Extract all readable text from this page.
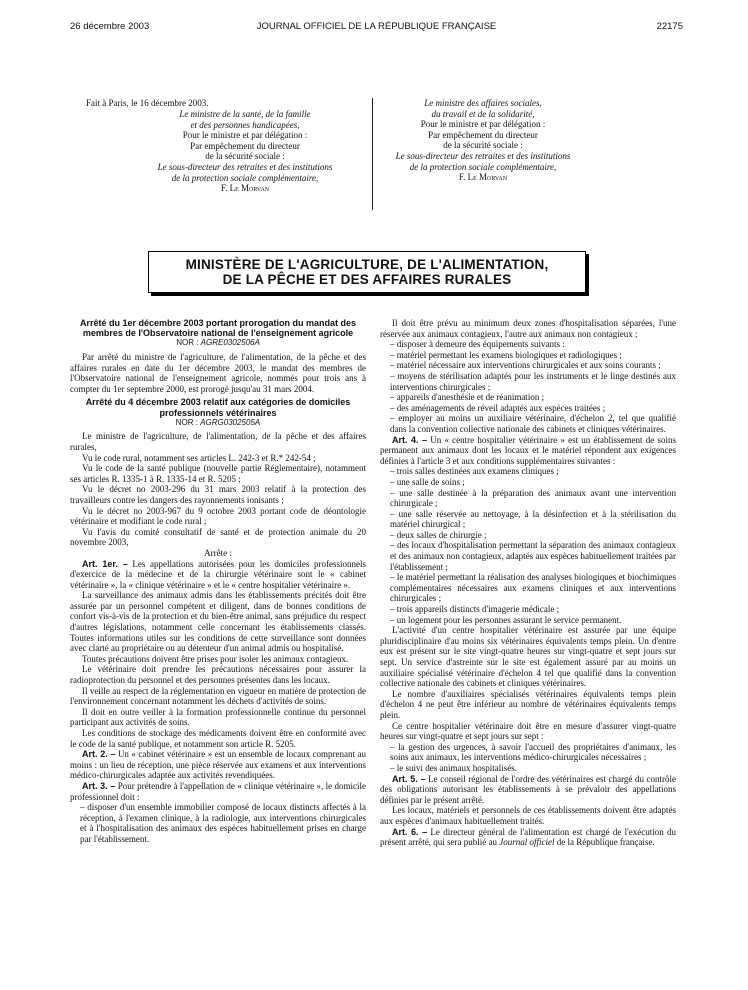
JOURNAL OFFICIEL DE LA RÉPUBLIQUE FRANÇAISE
26 décembre 2003	22175
Fait à Paris, le 16 décembre 2003.
Le ministre de la santé, de la famille
et des personnes handicapées,
Pour le ministre et par délégation :
Par empêchement du directeur
de la sécurité sociale :
Le sous-directeur des retraites et des institutions
de la protection sociale complémentaire,
F. Le Morvan
Le ministre des affaires sociales,
du travail et de la solidarité,
Pour le ministre et par délégation :
Par empêchement du directeur
de la sécurité sociale :
Le sous-directeur des retraites et des institutions
de la protection sociale complémentaire,
F. Le Morvan
MINISTÈRE DE L'AGRICULTURE, DE L'ALIMENTATION,
DE LA PÊCHE ET DES AFFAIRES RURALES
Arrêté du 1er décembre 2003 portant prorogation du mandat des membres de l'Observatoire national de l'enseignement agricole
NOR : AGRE0302506A

Par arrêté du ministre de l'agriculture, de l'alimentation, de la pêche et des affaires rurales en date du 1er décembre 2003, le mandat des membres de l'Observatoire national de l'enseignement agricole, nommés pour trois ans à compter du 1er septembre 2000, est prorogé jusqu'au 31 mars 2004.

Arrêté du 4 décembre 2003 relatif aux catégories de domiciles professionnels vétérinaires
NOR : AGRG0302505A

Le ministre de l'agriculture, de l'alimentation, de la pêche et des affaires rurales,

Vu le code rural, notamment ses articles L. 242-3 et R.* 242-54 ;

Vu le code de la santé publique (nouvelle partie Réglementaire), notamment ses articles R. 1335-1 à R. 1335-14 et R. 5205 ;

Vu le décret no 2003-296 du 31 mars 2003 relatif à la protection des travailleurs contre les dangers des rayonnements ionisants ;

Vu le décret no 2003-967 du 9 octobre 2003 portant code de déontologie vétérinaire et modifiant le code rural ;

Vu l'avis du comité consultatif de santé et de protection animale du 20 novembre 2003,

Arrête :

Art. 1er. – Les appellations autorisées pour les domiciles professionnels d'exercice de la médecine et de la chirurgie vétérinaire sont le « cabinet vétérinaire », la « clinique vétérinaire » et le « centre hospitalier vétérinaire ».

La surveillance des animaux admis dans les établissements précités doit être assurée par un personnel compétent et diligent, dans de bonnes conditions de confort vis-à-vis de la protection et du bien-être animal, sans préjudice du respect d'autres législations, notamment celle concernant les établissements classés. Toutes informations utiles sur les conditions de cette surveillance sont données avec clarté au propriétaire ou au détenteur d'un animal admis ou hospitalisé.

Toutes précautions doivent être prises pour isoler les animaux contagieux.

Le vétérinaire doit prendre les précautions nécessaires pour assurer la radioprotection du personnel et des personnes présentes dans les locaux.

Il veille au respect de la réglementation en vigueur en matière de protection de l'environnement concernant notamment les déchets d'activités de soins.

Il doit en outre veiller à la formation professionnelle continue du personnel participant aux activités de soins.

Les conditions de stockage des médicaments doivent être en conformité avec le code de la santé publique, et notamment son article R. 5205.

Art. 2. – Un « cabinet vétérinaire » est un ensemble de locaux comprenant au moins : un lieu de réception, une pièce réservée aux examens et aux interventions médico-chirurgicales adaptée aux activités revendiquées.

Art. 3. – Pour prétendre à l'appellation de « clinique vétérinaire », le domicile professionnel doit :

– disposer d'un ensemble immobilier composé de locaux distincts affectés à la réception, à l'examen clinique, à la radiologie, aux interventions chirurgicales et à l'hospitalisation des animaux des espèces habituellement prises en charge par l'établissement.

Il doit être prévu au minimum deux zones d'hospitalisation séparées, l'une réservée aux animaux contagieux, l'autre aux animaux non contagieux ;

– disposer à demeure des équipements suivants :

– matériel permettant les examens biologiques et radiologiques ;

– matériel nécessaire aux interventions chirurgicales et aux soins courants ;

– moyens de stérilisation adaptés pour les instruments et le linge destinés aux interventions chirurgicales ;

– appareils d'anesthésie et de réanimation ;

– des aménagements de réveil adaptés aux espèces traitées ;

– employer au moins un auxiliaire vétérinaire, d'échelon 2, tel que qualifié dans la convention collective nationale des cabinets et cliniques vétérinaires.

Art. 4. – Un « centre hospitalier vétérinaire » est un établissement de soins permanent aux animaux dont les locaux et le matériel répondent aux exigences définies à l'article 3 et aux conditions supplémentaires suivantes :

– trois salles destinées aux examens cliniques ;

– une salle de soins ;

– une salle destinée à la préparation des animaux avant une intervention chirurgicale ;

– une salle réservée au nettoyage, à la désinfection et à la stérilisation du matériel chirurgical ;

– deux salles de chirurgie ;

– des locaux d'hospitalisation permettant la séparation des animaux contagieux et des animaux non contagieux, adaptés aux espèces habituellement traitées par l'établissement ;

– le matériel permettant la réalisation des analyses biologiques et biochimiques complémentaires nécessaires aux examens cliniques et aux interventions chirurgicales ;

– trois appareils distincts d'imagerie médicale ;

– un logement pour les personnes assurant le service permanent.

L'activité d'un centre hospitalier vétérinaire est assurée par une équipe pluridisciplinaire d'au moins six vétérinaires équivalents temps plein. Un d'entre eux est présent sur le site vingt-quatre heures sur vingt-quatre et sept jours sur sept. Un service d'astreinte sur le site est également assuré par au moins un auxiliaire spécialisé vétérinaire d'échelon 4 tel que qualifié dans la convention collective nationale des cabinets et cliniques vétérinaires.

Le nombre d'auxiliaires spécialisés vétérinaires équivalents temps plein d'échelon 4 ne peut être inférieur au nombre de vétérinaires équivalents temps plein.

Ce centre hospitalier vétérinaire doit être en mesure d'assurer vingt-quatre heures sur vingt-quatre et sept jours sur sept :

– la gestion des urgences, à savoir l'accueil des propriétaires d'animaux, les soins aux animaux, les interventions médico-chirurgicales nécessaires ;

– le suivi des animaux hospitalisés.

Art. 5. – Le conseil régional de l'ordre des vétérinaires est chargé du contrôle des obligations autorisant les établissements à se prévaloir des appellations définies par le présent arrêté.

Les locaux, matériels et personnels de ces établissements doivent être adaptés aux espèces d'animaux habituellement traités.

Art. 6. – Le directeur général de l'alimentation est chargé de l'exécution du présent arrêté, qui sera publié au Journal officiel de la République française.
